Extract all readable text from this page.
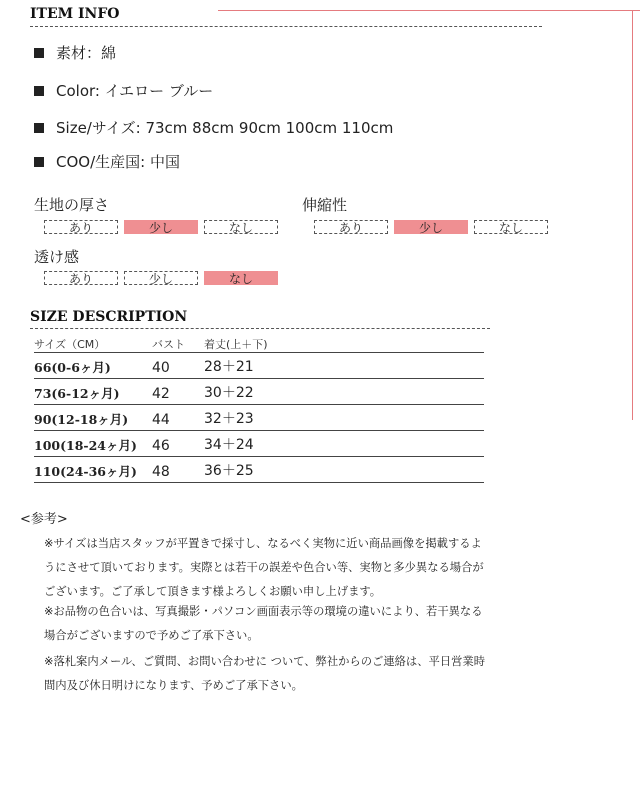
ITEM INFO
素材：綿
Color: イエロー ブルー
Size/サイズ: 73cm 88cm 90cm 100cm 110cm
COO/生産国: 中国
生地の厚さ
あり	少し	なし
伸縮性
あり	少し	なし
透け感
あり	少し	なし
SIZE DESCRIPTION
サイズ（CM）	バスト	着丈(上＋下)
66(0-6ヶ月)	40	28＋21
73(6-12ヶ月)	42	30＋22
90(12-18ヶ月)	44	32＋23
100(18-24ヶ月)	46	34＋24
110(24-36ヶ月)	48	36＋25
<参考>
※サイズは当店スタッフが平置きで採寸し、なるべく実物に近い商品画像を掲載するよ
うにさせて頂いております。実際とは若干の誤差や色合い等、実物と多少異なる場合が
ございます。ご了承して頂きます様よろしくお願い申し上げます。
※お品物の色合いは、写真撮影・パソコン画面表示等の環境の違いにより、若干異なる
場合がございますので予めご了承下さい。
※落札案内メール、ご質問、お問い合わせに ついて、弊社からのご連絡は、平日営業時
間内及び休日明けになります、予めご了承下さい。
